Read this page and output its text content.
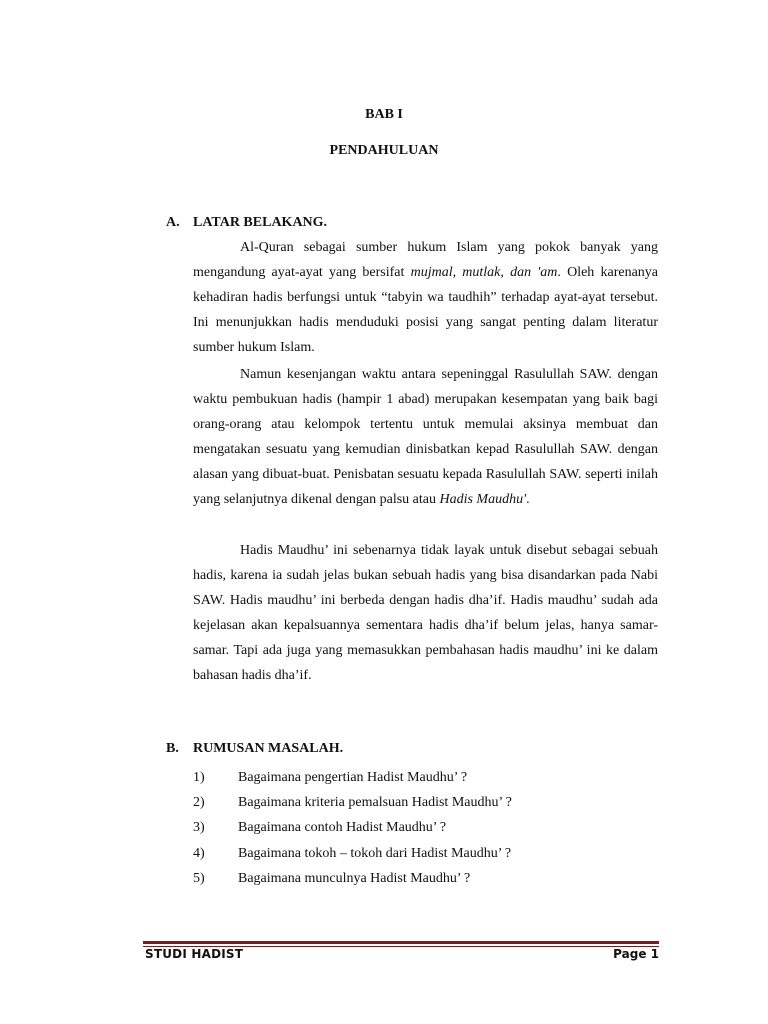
BAB I
PENDAHULUAN
A. LATAR BELAKANG.

Al-Quran sebagai sumber hukum Islam yang pokok banyak yang mengandung ayat-ayat yang bersifat mujmal, mutlak, dan 'am. Oleh karenanya kehadiran hadis berfungsi untuk “tabyin wa taudhih” terhadap ayat-ayat tersebut. Ini menunjukkan hadis menduduki posisi yang sangat penting dalam literatur sumber hukum Islam.

Namun kesenjangan waktu antara sepeninggal Rasulullah SAW. dengan waktu pembukuan hadis (hampir 1 abad) merupakan kesempatan yang baik bagi orang-orang atau kelompok tertentu untuk memulai aksinya membuat dan mengatakan sesuatu yang kemudian dinisbatkan kepad Rasulullah SAW. dengan alasan yang dibuat-buat. Penisbatan sesuatu kepada Rasulullah SAW. seperti inilah yang selanjutnya dikenal dengan palsu atau Hadis Maudhu'.

Hadis Maudhu’ ini sebenarnya tidak layak untuk disebut sebagai sebuah hadis, karena ia sudah jelas bukan sebuah hadis yang bisa disandarkan pada Nabi SAW. Hadis maudhu’ ini berbeda dengan hadis dha’if. Hadis maudhu’ sudah ada kejelasan akan kepalsuannya sementara hadis dha’if belum jelas, hanya samar-samar. Tapi ada juga yang memasukkan pembahasan hadis maudhu’ ini ke dalam bahasan hadis dha’if.

B. RUMUSAN MASALAH.
1) Bagaimana pengertian Hadist Maudhu’ ?
2) Bagaimana kriteria pemalsuan Hadist Maudhu’ ?
3) Bagaimana contoh Hadist Maudhu’ ?
4) Bagaimana tokoh – tokoh dari Hadist Maudhu’ ?
5) Bagaimana munculnya Hadist Maudhu’ ?
STUDI HADIST	Page 1
